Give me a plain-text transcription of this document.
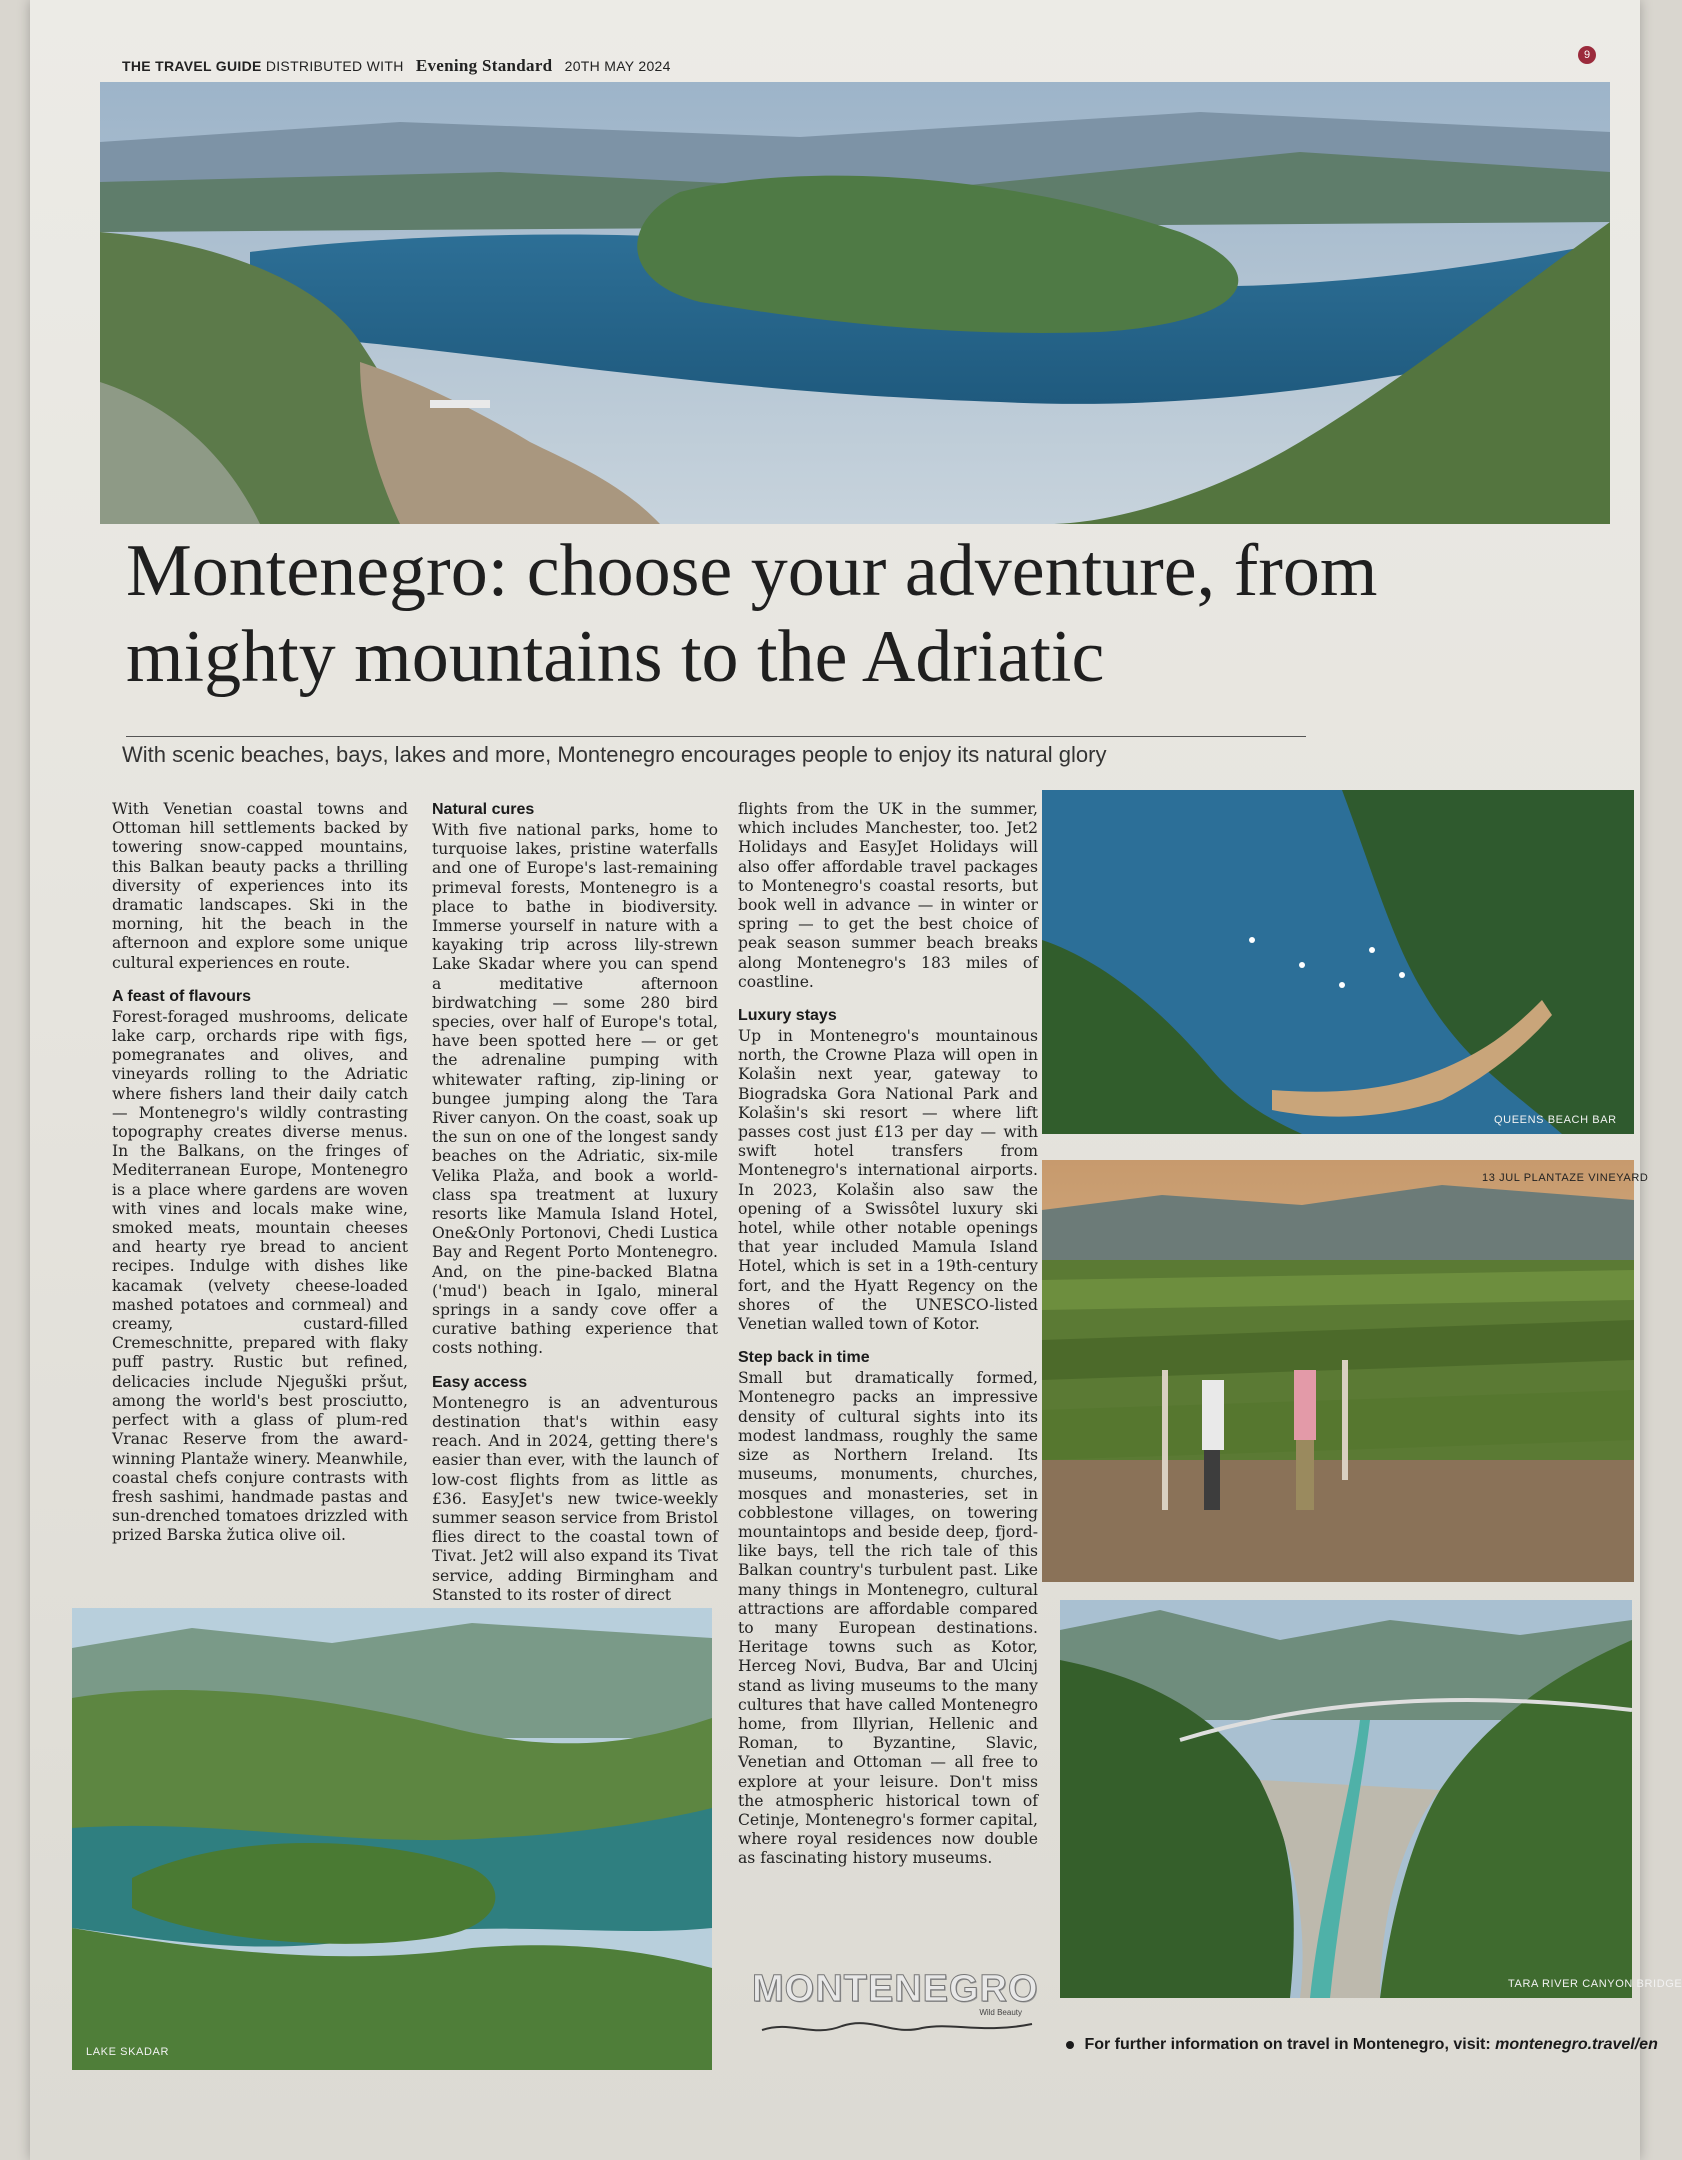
THE TRAVEL GUIDE DISTRIBUTED WITH Evening Standard 20TH MAY 2024
9
Montenegro: choose your adventure, from mighty mountains to the Adriatic
With scenic beaches, bays, lakes and more, Montenegro encourages people to enjoy its natural glory

With Venetian coastal towns and Ottoman hill settlements backed by towering snow-capped mountains, this Balkan beauty packs a thrilling diversity of experiences into its dramatic landscapes. Ski in the morning, hit the beach in the afternoon and explore some unique cultural experiences en route.

A feast of flavours

Forest-foraged mushrooms, delicate lake carp, orchards ripe with figs, pomegranates and olives, and vineyards rolling to the Adriatic where fishers land their daily catch — Montenegro's wildly contrasting topography creates diverse menus. In the Balkans, on the fringes of Mediterranean Europe, Montenegro is a place where gardens are woven with vines and locals make wine, smoked meats, mountain cheeses and hearty rye bread to ancient recipes. Indulge with dishes like kacamak (velvety cheese-loaded mashed potatoes and cornmeal) and creamy, custard-filled Cremeschnitte, prepared with flaky puff pastry. Rustic but refined, delicacies include Njeguški pršut, among the world's best prosciutto, perfect with a glass of plum-red Vranac Reserve from the award-winning Plantaže winery. Meanwhile, coastal chefs conjure contrasts with fresh sashimi, handmade pastas and sun-drenched tomatoes drizzled with prized Barska žutica olive oil.

Natural cures

With five national parks, home to turquoise lakes, pristine waterfalls and one of Europe's last-remaining primeval forests, Montenegro is a place to bathe in biodiversity. Immerse yourself in nature with a kayaking trip across lily-strewn Lake Skadar where you can spend a meditative afternoon birdwatching — some 280 bird species, over half of Europe's total, have been spotted here — or get the adrenaline pumping with whitewater rafting, zip-lining or bungee jumping along the Tara River canyon. On the coast, soak up the sun on one of the longest sandy beaches on the Adriatic, six-mile Velika Plaža, and book a world-class spa treatment at luxury resorts like Mamula Island Hotel, One&Only Portonovi, Chedi Lustica Bay and Regent Porto Montenegro. And, on the pine-backed Blatna ('mud') beach in Igalo, mineral springs in a sandy cove offer a curative bathing experience that costs nothing.

Easy access

Montenegro is an adventurous destination that's within easy reach. And in 2024, getting there's easier than ever, with the launch of low-cost flights from as little as £36. EasyJet's new twice-weekly summer season service from Bristol flies direct to the coastal town of Tivat. Jet2 will also expand its Tivat service, adding Birmingham and Stansted to its roster of direct

flights from the UK in the summer, which includes Manchester, too. Jet2 Holidays and EasyJet Holidays will also offer affordable travel packages to Montenegro's coastal resorts, but book well in advance — in winter or spring — to get the best choice of peak season summer beach breaks along Montenegro's 183 miles of coastline.

Luxury stays

Up in Montenegro's mountainous north, the Crowne Plaza will open in Kolašin next year, gateway to Biogradska Gora National Park and Kolašin's ski resort — where lift passes cost just £13 per day — with swift hotel transfers from Montenegro's international airports. In 2023, Kolašin also saw the opening of a Swissôtel luxury ski hotel, while other notable openings that year included Mamula Island Hotel, which is set in a 19th-century fort, and the Hyatt Regency on the shores of the UNESCO-listed Venetian walled town of Kotor.

Step back in time

Small but dramatically formed, Montenegro packs an impressive density of cultural sights into its modest landmass, roughly the same size as Northern Ireland. Its museums, monuments, churches, mosques and monasteries, set in cobblestone villages, on towering mountaintops and beside deep, fjord-like bays, tell the rich tale of this Balkan country's turbulent past. Like many things in Montenegro, cultural attractions are affordable compared to many European destinations. Heritage towns such as Kotor, Herceg Novi, Budva, Bar and Ulcinj stand as living museums to the many cultures that have called Montenegro home, from Illyrian, Hellenic and Roman, to Byzantine, Slavic, Venetian and Ottoman — all free to explore at your leisure. Don't miss the atmospheric historical town of Cetinje, Montenegro's former capital, where royal residences now double as fascinating history museums.

QUEENS BEACH BAR
13 JUL PLANTAZE VINEYARD
TARA RIVER CANYON BRIDGE
LAKE SKADAR
MONTENEGRO
Wild Beauty
For further information on travel in Montenegro, visit: montenegro.travel/en
